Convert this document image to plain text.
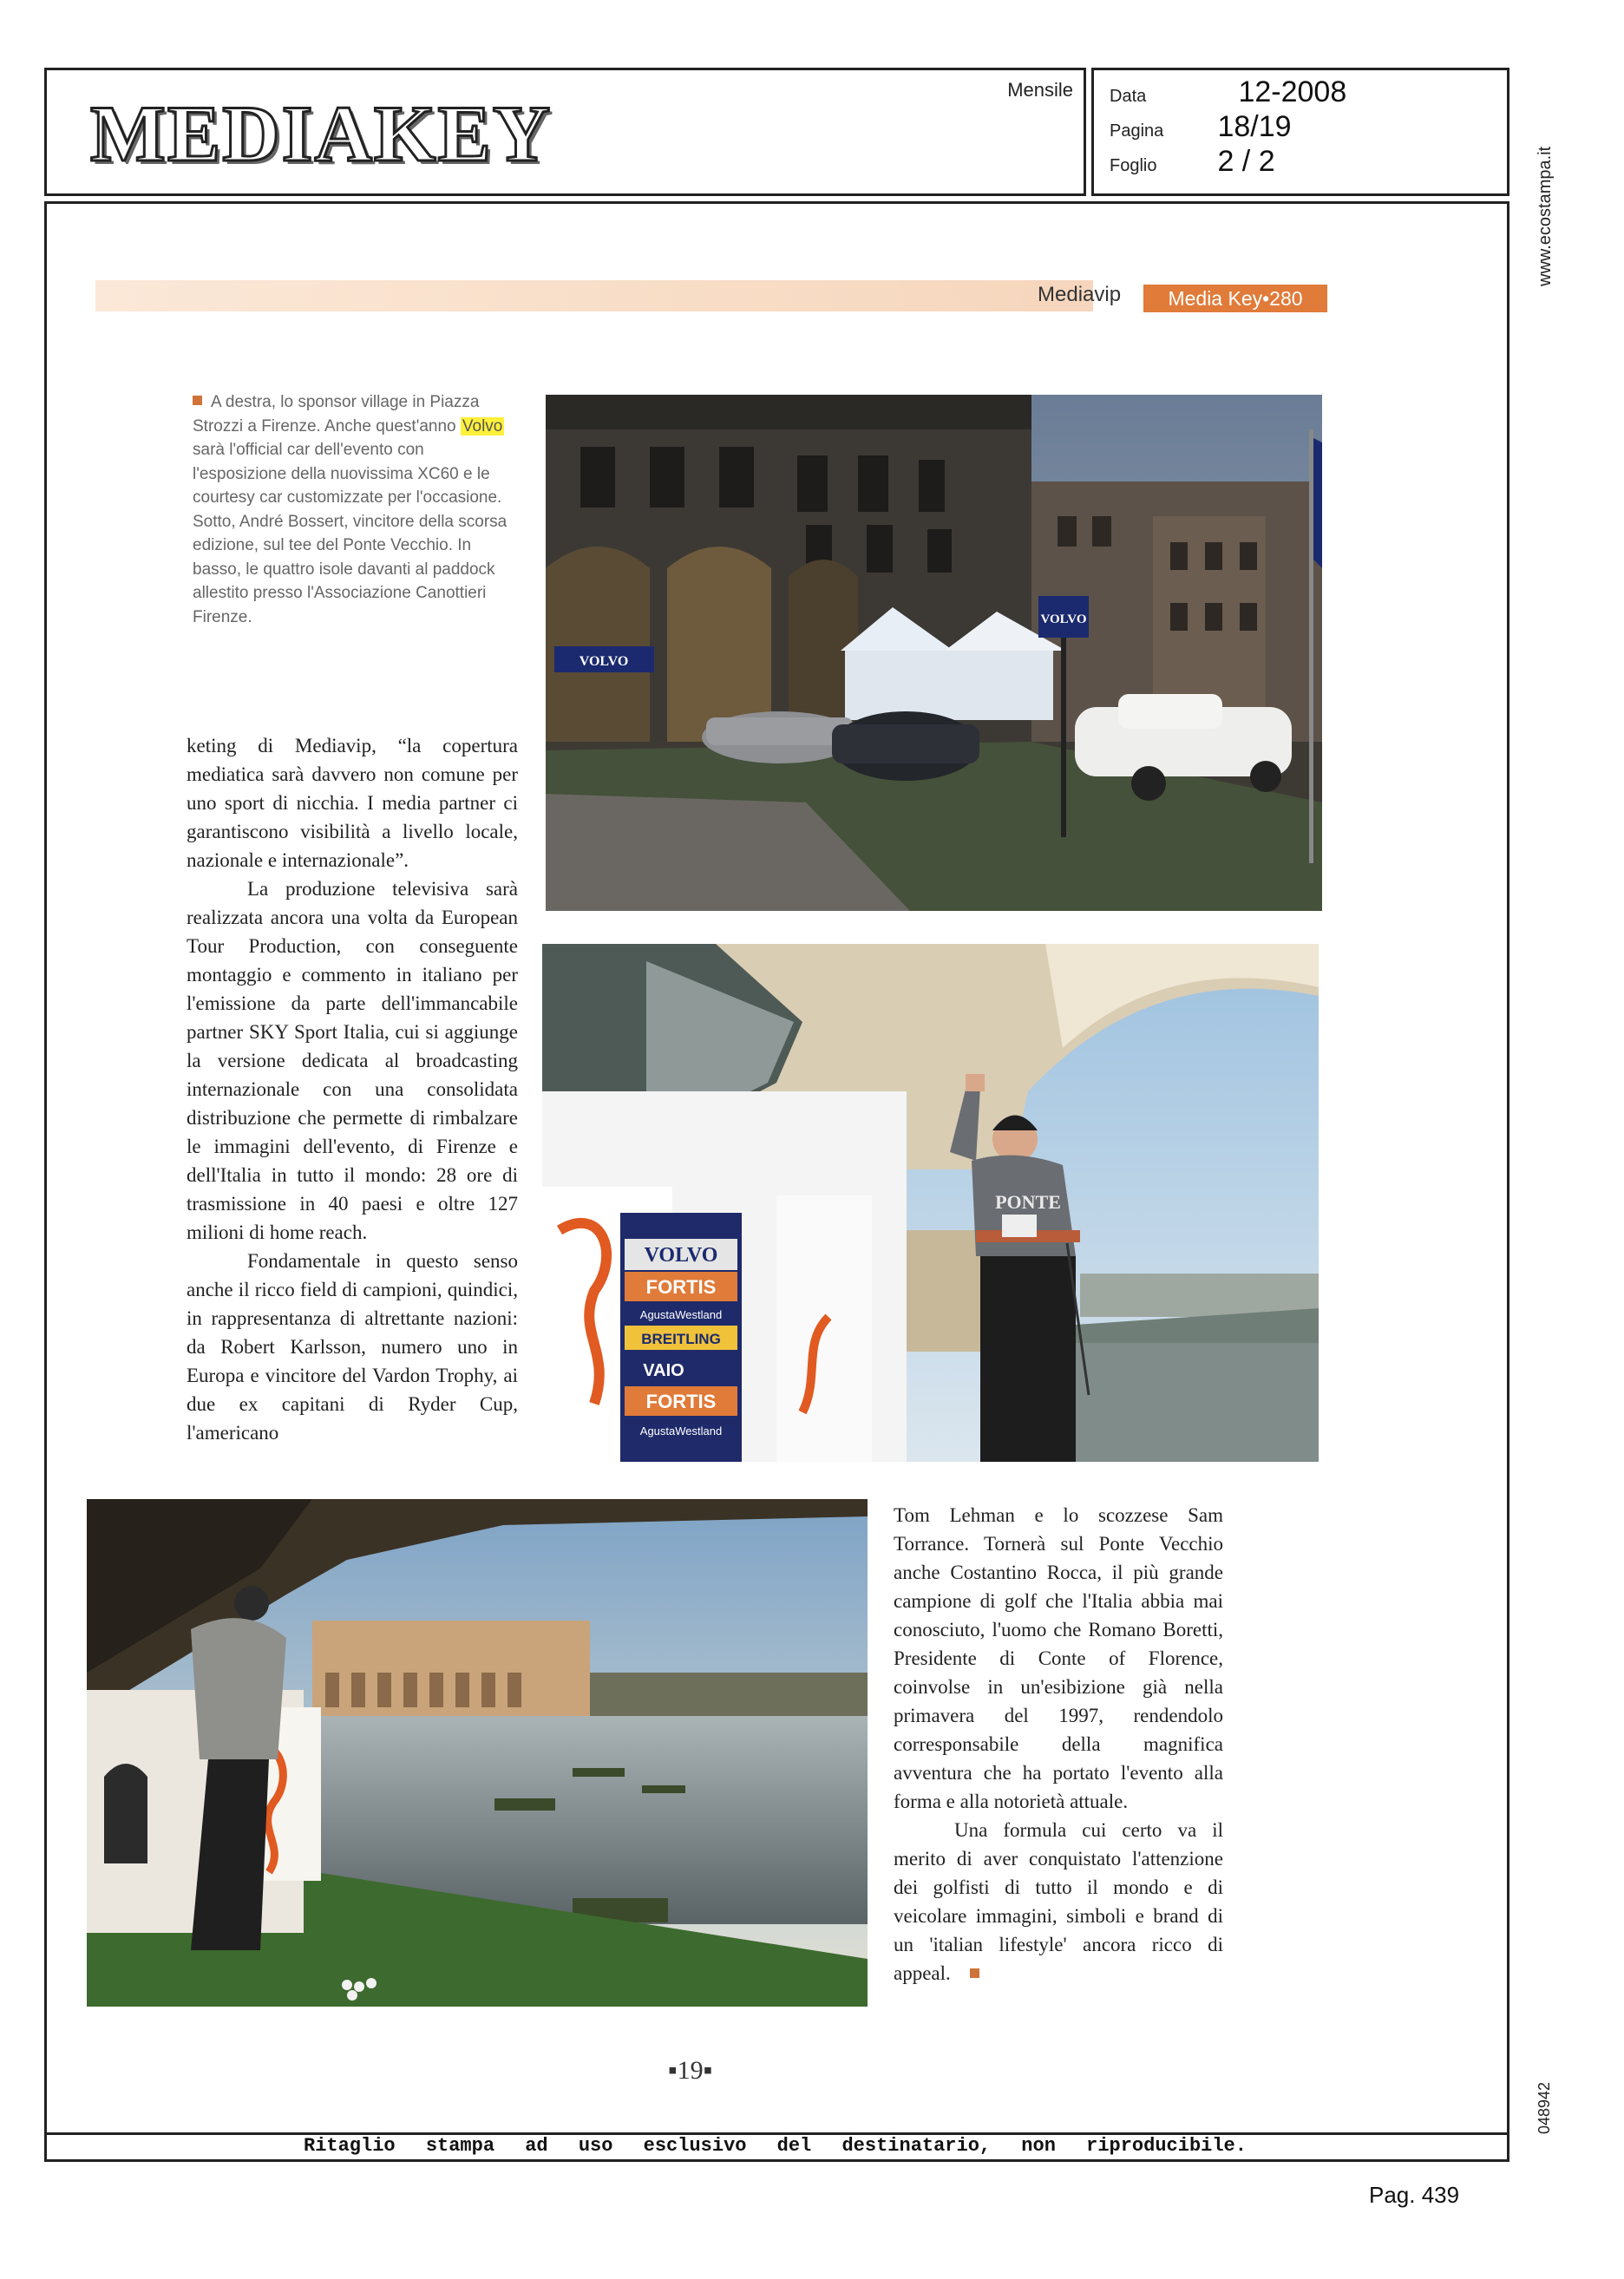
MEDIAKEY	Mensile Data	12-2008
Pagina 18/19
Foglio 2 / 2	www.ecostampa.it
048942
Mediavip	Media Key•280
A destra, lo sponsor village in Piazza Strozzi a Firenze. Anche quest'anno Volvo sarà l'official car dell'evento con l'esposizione della nuovissima XC60 e le courtesy car customizzate per l'occasione. Sotto, André Bossert, vincitore della scorsa edizione, sul tee del Ponte Vecchio. In basso, le quattro isole davanti al paddock allestito presso l'Associazione Canottieri Firenze.

keting di Mediavip, “la copertura mediatica sarà davvero non comune per uno sport di nicchia. I media partner ci garantiscono visibilità a livello locale, nazionale e internazionale”.

La produzione televisiva sarà realizzata ancora una volta da European Tour Production, con conseguente montaggio e commento in italiano per l'emissione da parte dell'immancabile partner SKY Sport Italia, cui si aggiunge la versione dedicata al broadcasting internazionale con una consolidata distribuzione che permette di rimbalzare le immagini dell'evento, di Firenze e dell'Italia in tutto il mondo: 28 ore di trasmissione in 40 paesi e oltre 127 milioni di home reach.

Fondamentale in questo senso anche il ricco field di campioni, quindici, in rappresentanza di altrettante nazioni: da Robert Karlsson, numero uno in Europa e vincitore del Vardon Trophy, ai due ex capitani di Ryder Cup, l'americano

Tom Lehman e lo scozzese Sam Torrance. Tornerà sul Ponte Vecchio anche Costantino Rocca, il più grande campione di golf che l'Italia abbia mai conosciuto, l'uomo che Romano Boretti, Presidente di Conte of Florence, coinvolse in un'esibizione già nella primavera del 1997, rendendolo corresponsabile della magnifica avventura che ha portato l'evento alla forma e alla notorietà attuale.

Una formula cui certo va il merito di aver conquistato l'attenzione dei golfisti di tutto il mondo e di veicolare immagini, simboli e brand di un 'italian lifestyle' ancora ricco di appeal.

VOLVO
VOLVO
VOLVO
FORTIS
AgustaWestland
BREITLING
VAIO
FORTIS
AgustaWestland
PONTE
▪19▪
Ritaglio stampa ad uso esclusivo del destinatario, non riproducibile.
Pag. 439
